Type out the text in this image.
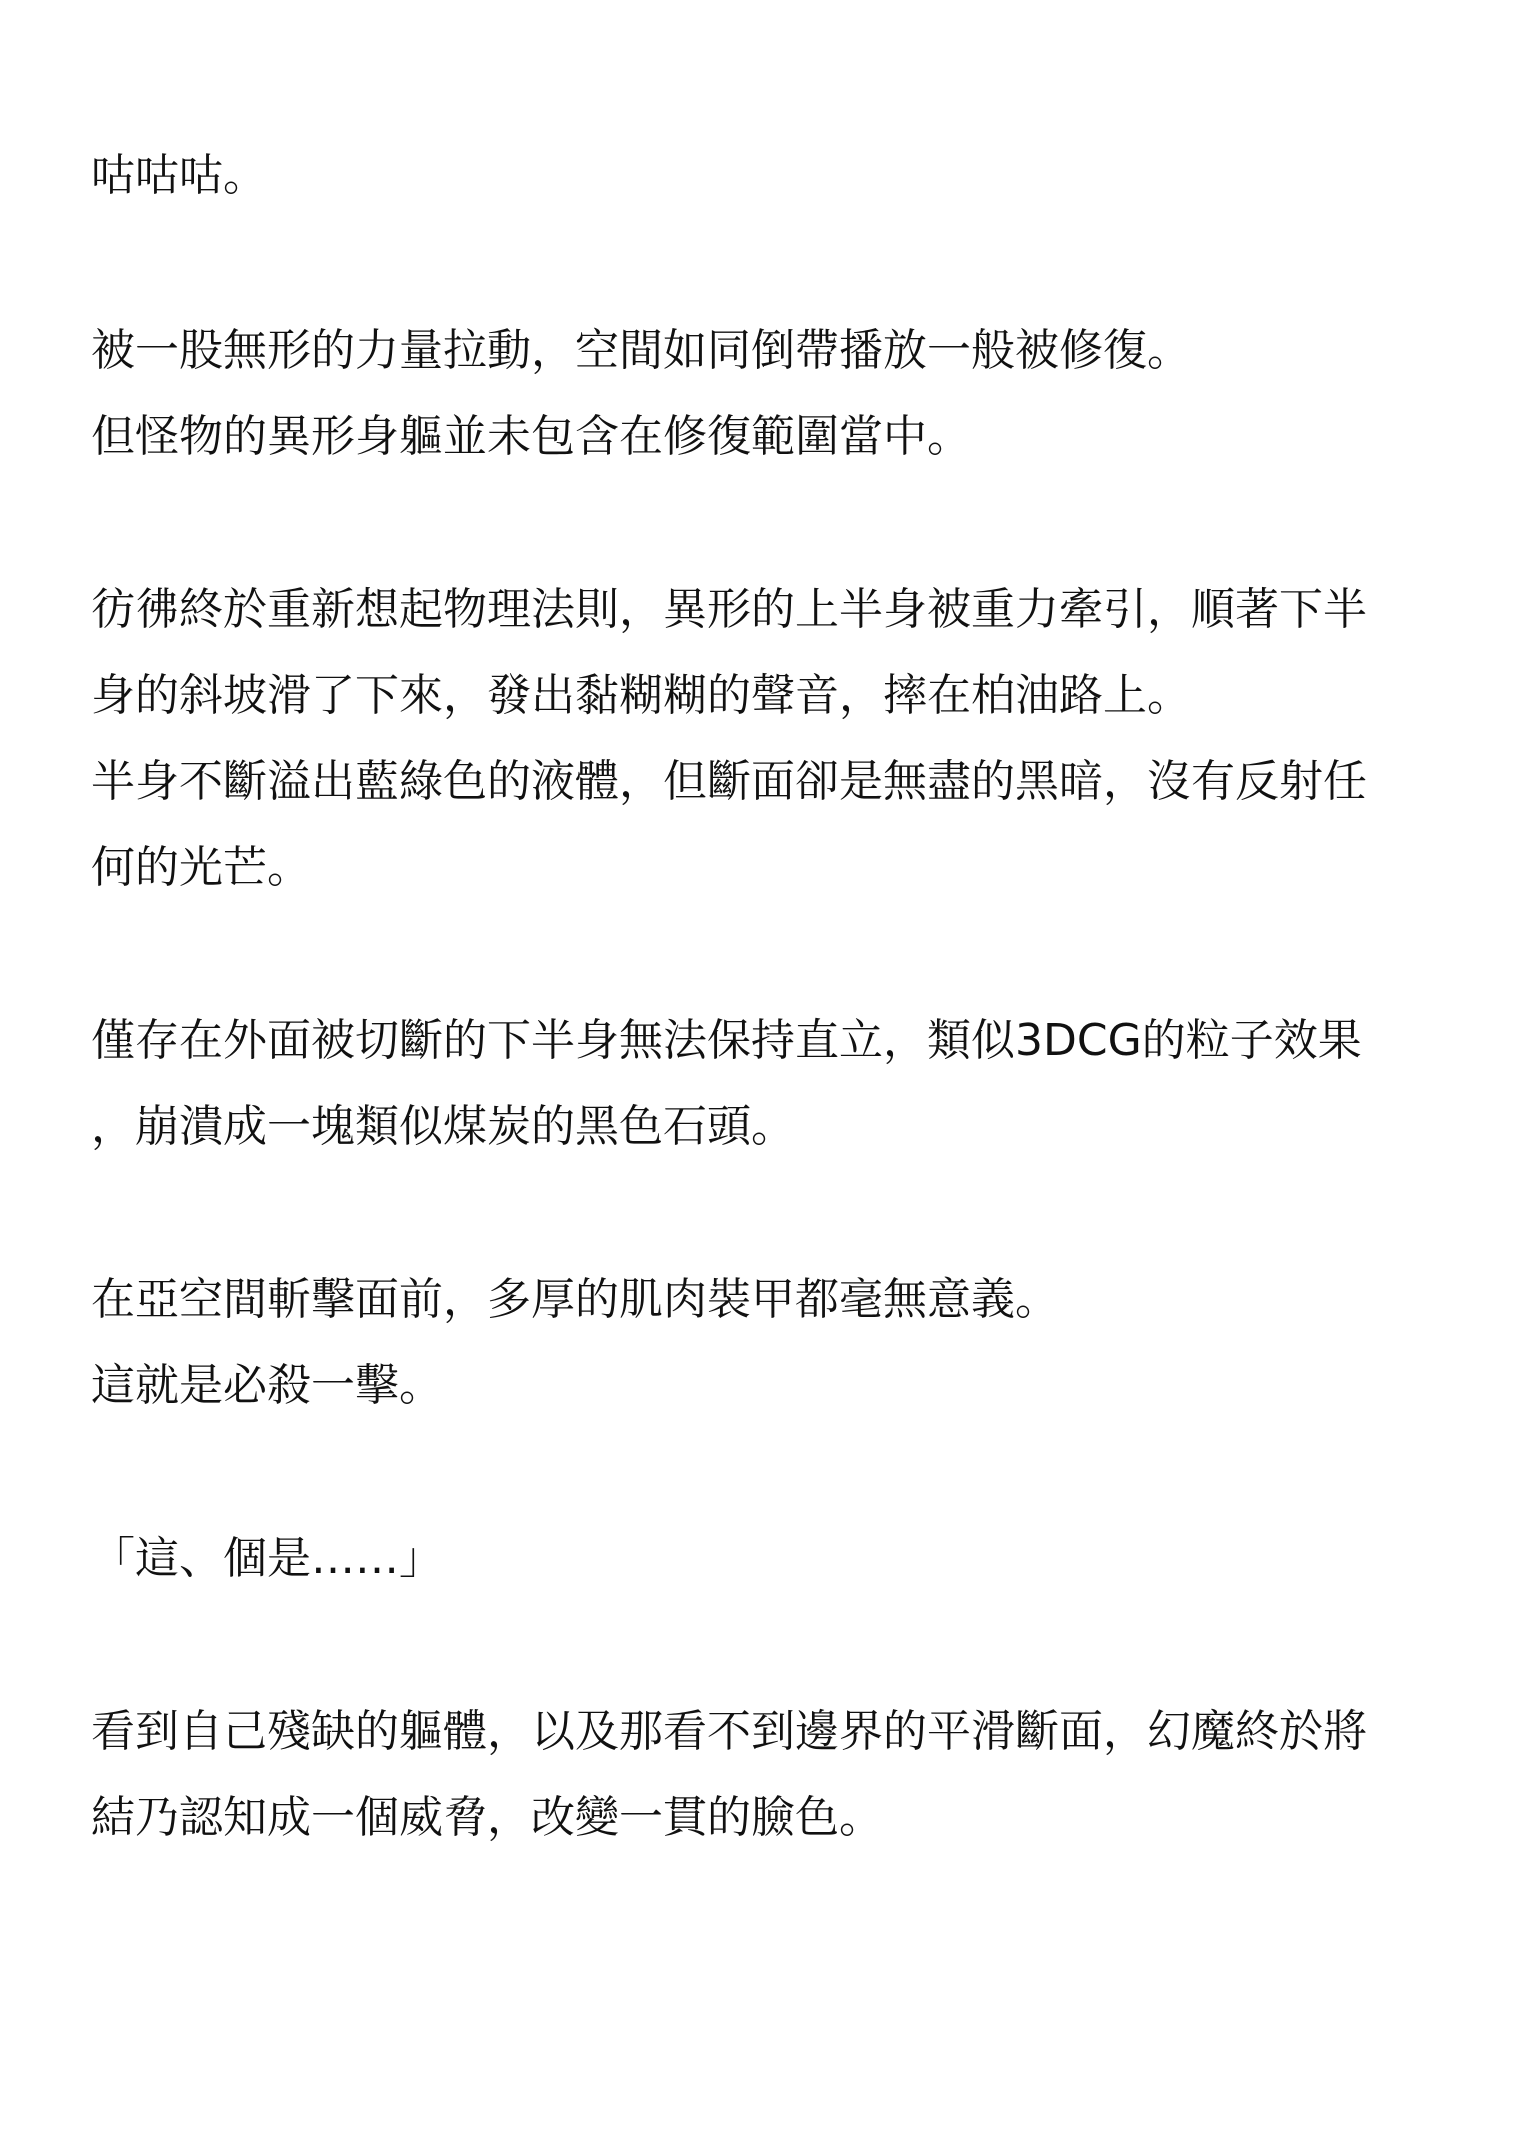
咕咕咕。
被一股無形的力量拉動，空間如同倒帶播放一般被修復。
但怪物的異形身軀並未包含在修復範圍當中。
彷彿終於重新想起物理法則，異形的上半身被重力牽引，順著下半
身的斜坡滑了下來，發出黏糊糊的聲音，摔在柏油路上。
半身不斷溢出藍綠色的液體，但斷面卻是無盡的黑暗，沒有反射任
何的光芒。
僅存在外面被切斷的下半身無法保持直立，類似3DCG的粒子效果
，崩潰成一塊類似煤炭的黑色石頭。
在亞空間斬擊面前，多厚的肌肉裝甲都毫無意義。
這就是必殺一擊。
「這、個是……」
看到自己殘缺的軀體，以及那看不到邊界的平滑斷面，幻魔終於將
結乃認知成一個威脅，改變一貫的臉色。
